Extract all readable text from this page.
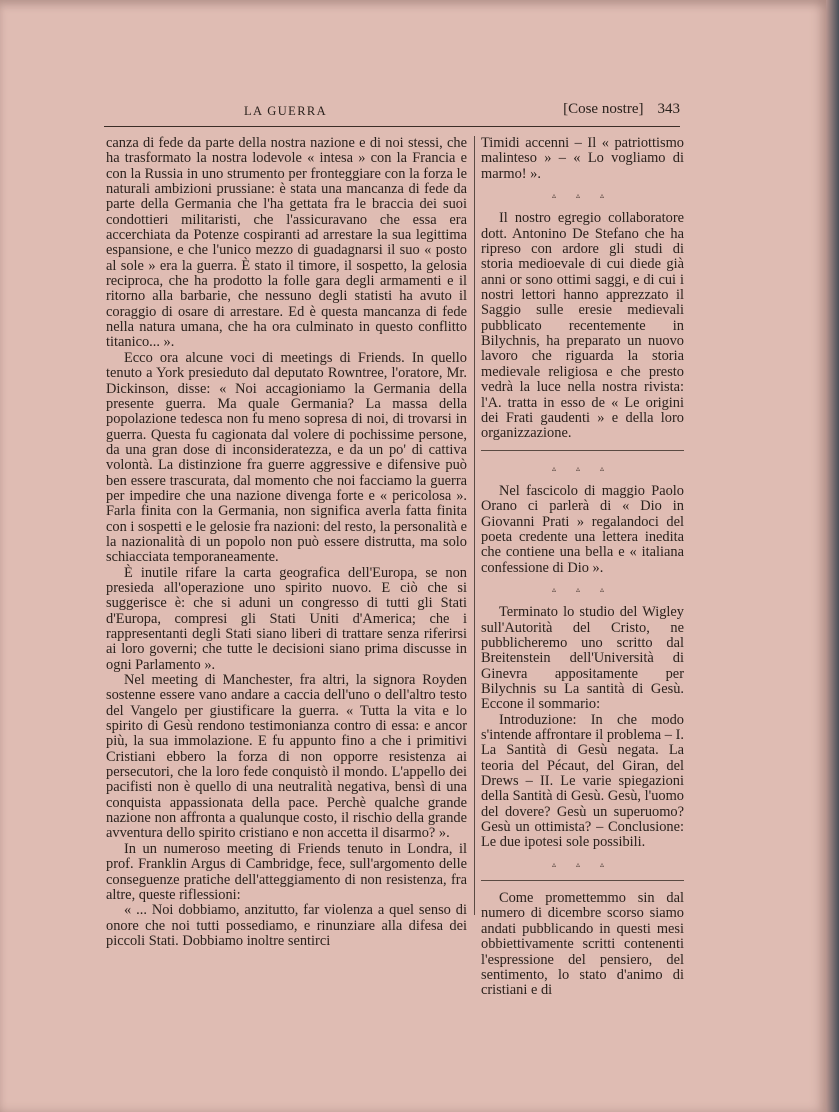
LA GUERRA	[Cose nostre] 343

canza di fede da parte della nostra nazione e di noi stessi, che ha trasformato la nostra lodevole « intesa » con la Francia e con la Russia in uno strumento per fronteggiare con la forza le naturali ambizioni prussiane: è stata una mancanza di fede da parte della Germania che l'ha gettata fra le braccia dei suoi condottieri militaristi, che l'assicuravano che essa era accerchiata da Potenze cospiranti ad arrestare la sua legittima espansione, e che l'unico mezzo di guadagnarsi il suo « posto al sole » era la guerra. È stato il timore, il sospetto, la gelosia reciproca, che ha prodotto la folle gara degli armamenti e il ritorno alla barbarie, che nessuno degli statisti ha avuto il coraggio di osare di arrestare. Ed è questa mancanza di fede nella natura umana, che ha ora culminato in questo conflitto titanico... ».

Ecco ora alcune voci di meetings di Friends. In quello tenuto a York presieduto dal deputato Rowntree, l'oratore, Mr. Dickinson, disse: « Noi accagioniamo la Germania della presente guerra. Ma quale Germania? La massa della popolazione tedesca non fu meno sopresa di noi, di trovarsi in guerra. Questa fu cagionata dal volere di pochissime persone, da una gran dose di inconsideratezza, e da un po' di cattiva volontà. La distinzione fra guerre aggressive e difensive può ben essere trascurata, dal momento che noi facciamo la guerra per impedire che una nazione divenga forte e « pericolosa ». Farla finita con la Germania, non significa averla fatta finita con i sospetti e le gelosie fra nazioni: del resto, la personalità e la nazionalità di un popolo non può essere distrutta, ma solo schiacciata temporaneamente.

È inutile rifare la carta geografica dell'Europa, se non presieda all'operazione uno spirito nuovo. E ciò che si suggerisce è: che si aduni un congresso di tutti gli Stati d'Europa, compresi gli Stati Uniti d'America; che i rappresentanti degli Stati siano liberi di trattare senza riferirsi ai loro governi; che tutte le decisioni siano prima discusse in ogni Parlamento ».

Nel meeting di Manchester, fra altri, la signora Royden sostenne essere vano andare a caccia dell'uno o dell'altro testo del Vangelo per giustificare la guerra. « Tutta la vita e lo spirito di Gesù rendono testimonianza contro di essa: e ancor più, la sua immolazione. E fu appunto fino a che i primitivi Cristiani ebbero la forza di non opporre resistenza ai persecutori, che la loro fede conquistò il mondo. L'appello dei pacifisti non è quello di una neutralità negativa, bensì di una conquista appassionata della pace. Perchè qualche grande nazione non affronta a qualunque costo, il rischio della grande avventura dello spirito cristiano e non accetta il disarmo? ».

In un numeroso meeting di Friends tenuto in Londra, il prof. Franklin Argus di Cambridge, fece, sull'argomento delle conseguenze pratiche dell'atteggiamento di non resistenza, fra altre, queste riflessioni:

« ... Noi dobbiamo, anzitutto, far violenza a quel senso di onore che noi tutti possediamo, e rinunziare alla difesa dei piccoli Stati. Dobbiamo inoltre sentirci

Timidi accenni – Il « patriottismo malinteso » – « Lo vogliamo di marmo! ».

▵ ▵ ▵

Il nostro egregio collaboratore dott. Antonino De Stefano che ha ripreso con ardore gli studi di storia medioevale di cui diede già anni or sono ottimi saggi, e di cui i nostri lettori hanno apprezzato il Saggio sulle eresie medievali pubblicato recentemente in Bilychnis, ha preparato un nuovo lavoro che riguarda la storia medievale religiosa e che presto vedrà la luce nella nostra rivista: l'A. tratta in esso de « Le origini dei Frati gaudenti » e della loro organizzazione.

▵ ▵ ▵

Nel fascicolo di maggio Paolo Orano ci parlerà di « Dio in Giovanni Prati » regalandoci del poeta credente una lettera inedita che contiene una bella e « italiana confessione di Dio ».

▵ ▵ ▵

Terminato lo studio del Wigley sull'Autorità del Cristo, ne pubblicheremo uno scritto dal Breitenstein dell'Università di Ginevra appositamente per Bilychnis su La santità di Gesù. Eccone il sommario:

Introduzione: In che modo s'intende affrontare il problema – I. La Santità di Gesù negata. La teoria del Pécaut, del Giran, del Drews – II. Le varie spiegazioni della Santità di Gesù. Gesù, l'uomo del dovere? Gesù un superuomo? Gesù un ottimista? – Conclusione: Le due ipotesi sole possibili.

▵ ▵ ▵

Come promettemmo sin dal numero di dicembre scorso siamo andati pubblicando in questi mesi obbiettivamente scritti contenenti l'espressione del pensiero, del sentimento, lo stato d'animo di cristiani e di
